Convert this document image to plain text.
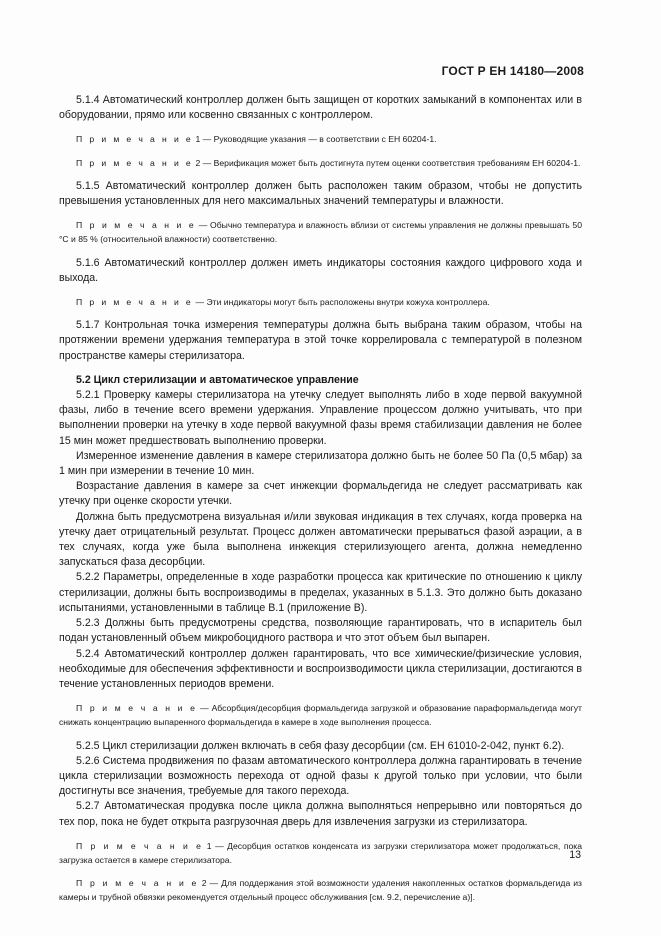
ГОСТ Р ЕН 14180—2008

5.1.4 Автоматический контроллер должен быть защищен от коротких замыканий в компонентах или в оборудовании, прямо или косвенно связанных с контроллером.

П р и м е ч а н и е 1 — Руководящие указания — в соответствии с ЕН 60204-1.

П р и м е ч а н и е 2 — Верификация может быть достигнута путем оценки соответствия требованиям ЕН 60204-1.

5.1.5 Автоматический контроллер должен быть расположен таким образом, чтобы не допустить превышения установленных для него максимальных значений температуры и влажности.

П р и м е ч а н и е — Обычно температура и влажность вблизи от системы управления не должны превышать 50 °С и 85 % (относительной влажности) соответственно.

5.1.6 Автоматический контроллер должен иметь индикаторы состояния каждого цифрового хода и выхода.

П р и м е ч а н и е — Эти индикаторы могут быть расположены внутри кожуха контроллера.

5.1.7 Контрольная точка измерения температуры должна быть выбрана таким образом, чтобы на протяжении времени удержания температура в этой точке коррелировала с температурой в полезном пространстве камеры стерилизатора.

5.2 Цикл стерилизации и автоматическое управление

5.2.1 Проверку камеры стерилизатора на утечку следует выполнять либо в ходе первой вакуумной фазы, либо в течение всего времени удержания. Управление процессом должно учитывать, что при выполнении проверки на утечку в ходе первой вакуумной фазы время стабилизации давления не более 15 мин может предшествовать выполнению проверки.

Измеренное изменение давления в камере стерилизатора должно быть не более 50 Па (0,5 мбар) за 1 мин при измерении в течение 10 мин.

Возрастание давления в камере за счет инжекции формальдегида не следует рассматривать как утечку при оценке скорости утечки.

Должна быть предусмотрена визуальная и/или звуковая индикация в тех случаях, когда проверка на утечку дает отрицательный результат. Процесс должен автоматически прерываться фазой аэрации, а в тех случаях, когда уже была выполнена инжекция стерилизующего агента, должна немедленно запускаться фаза десорбции.

5.2.2 Параметры, определенные в ходе разработки процесса как критические по отношению к циклу стерилизации, должны быть воспроизводимы в пределах, указанных в 5.1.3. Это должно быть доказано испытаниями, установленными в таблице В.1 (приложение В).

5.2.3 Должны быть предусмотрены средства, позволяющие гарантировать, что в испаритель был подан установленный объем микробоцидного раствора и что этот объем был выпарен.

5.2.4 Автоматический контроллер должен гарантировать, что все химические/физические условия, необходимые для обеспечения эффективности и воспроизводимости цикла стерилизации, достигаются в течение установленных периодов времени.

П р и м е ч а н и е — Абсорбция/десорбция формальдегида загрузкой и образование параформальдегида могут снижать концентрацию выпаренного формальдегида в камере в ходе выполнения процесса.

5.2.5 Цикл стерилизации должен включать в себя фазу десорбции (см. ЕН 61010-2-042, пункт 6.2).

5.2.6 Система продвижения по фазам автоматического контроллера должна гарантировать в течение цикла стерилизации возможность перехода от одной фазы к другой только при условии, что были достигнуты все значения, требуемые для такого перехода.

5.2.7 Автоматическая продувка после цикла должна выполняться непрерывно или повторяться до тех пор, пока не будет открыта разгрузочная дверь для извлечения загрузки из стерилизатора.

П р и м е ч а н и е 1 — Десорбция остатков конденсата из загрузки стерилизатора может продолжаться, пока загрузка остается в камере стерилизатора.

П р и м е ч а н и е 2 — Для поддержания этой возможности удаления накопленных остатков формальдегида из камеры и трубной обвязки рекомендуется отдельный процесс обслуживания [см. 9.2, перечисление а)].

13
